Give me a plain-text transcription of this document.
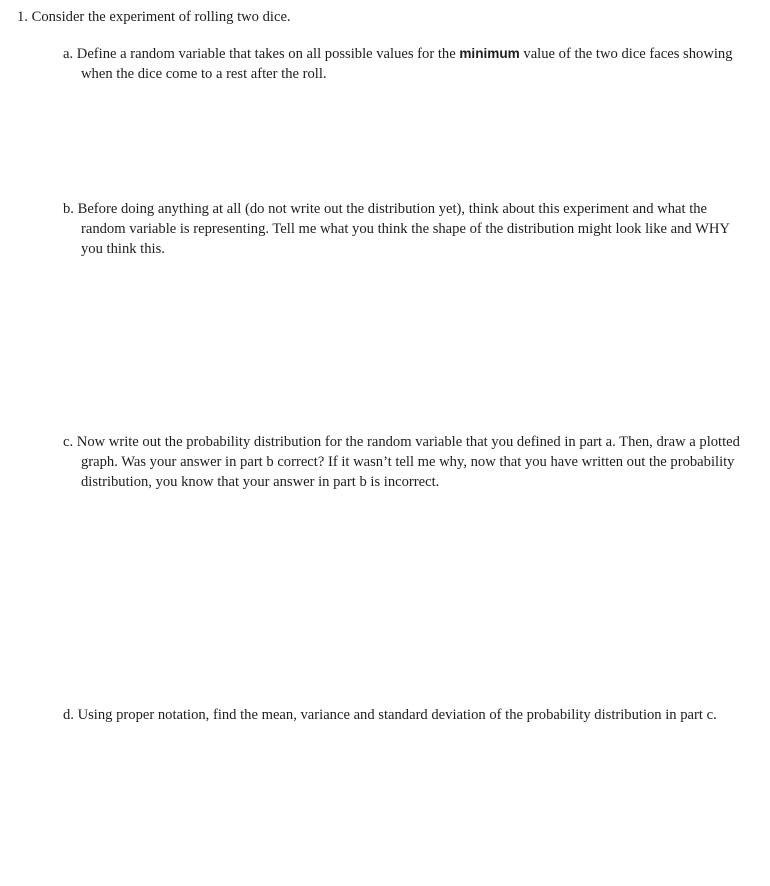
1. Consider the experiment of rolling two dice.

a. Define a random variable that takes on all possible values for the minimum value of the two dice faces showing when the dice come to a rest after the roll.

b. Before doing anything at all (do not write out the distribution yet), think about this experiment and what the random variable is representing. Tell me what you think the shape of the distribution might look like and WHY you think this.

c. Now write out the probability distribution for the random variable that you defined in part a. Then, draw a plotted graph. Was your answer in part b correct? If it wasn’t tell me why, now that you have written out the probability distribution, you know that your answer in part b is incorrect.

d. Using proper notation, find the mean, variance and standard deviation of the probability distribution in part c.
